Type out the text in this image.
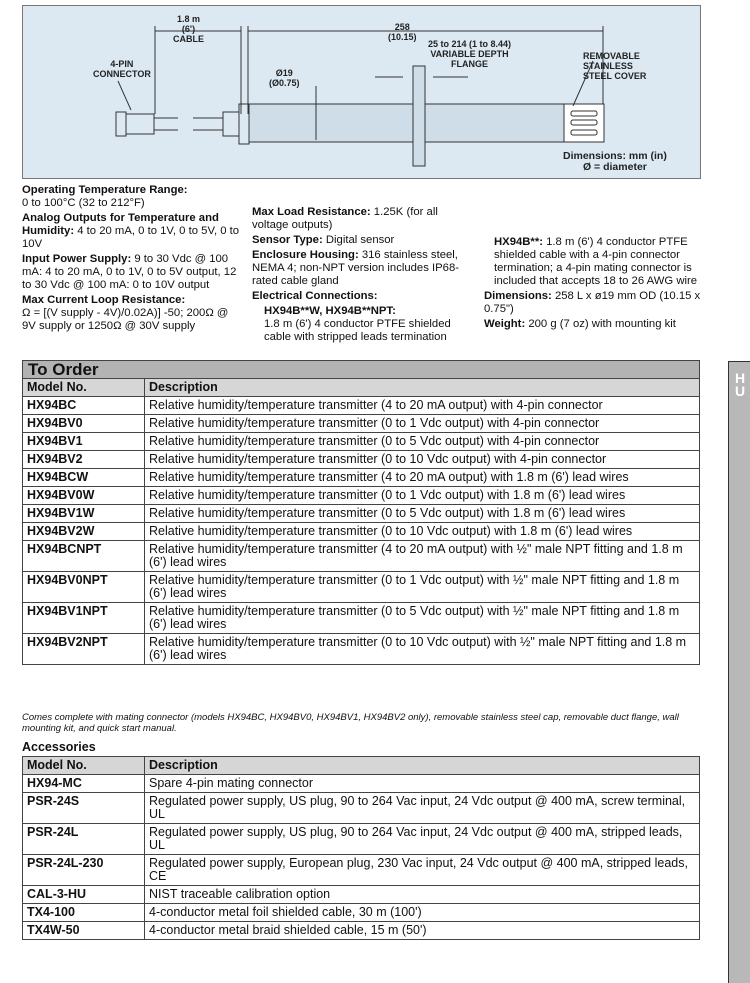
1.8 m
(6')
CABLE
258
(10.15)
25 to 214 (1 to 8.44)
VARIABLE DEPTH
FLANGE
4-PIN
CONNECTOR	Ø19
(Ø0.75)
REMOVABLE
STAINLESS
STEEL COVER
Dimensions: mm (in)
Ø = diameter

Operating Temperature Range:
0 to 100°C (32 to 212°F)

Analog Outputs for Temperature and Humidity: 4 to 20 mA, 0 to 1V, 0 to 5V, 0 to 10V

Input Power Supply: 9 to 30 Vdc @ 100 mA: 4 to 20 mA, 0 to 1V, 0 to 5V output, 12 to 30 Vdc @ 100 mA: 0 to 10V output

Max Current Loop Resistance:
Ω = [(V supply - 4V)/0.02A)] -50; 200Ω @ 9V supply or 1250Ω @ 30V supply

Max Load Resistance: 1.25K (for all voltage outputs)

Sensor Type: Digital sensor

Enclosure Housing: 316 stainless steel, NEMA 4; non-NPT version includes IP68-rated cable gland

Electrical Connections:

HX94B**W, HX94B**NPT:
1.8 m (6') 4 conductor PTFE shielded cable with stripped leads termination

HX94B**: 1.8 m (6') 4 conductor PTFE shielded cable with a 4-pin connector termination; a 4-pin mating connector is included that accepts 18 to 26 AWG wire

Dimensions: 258 L x ø19 mm OD (10.15 x 0.75")

Weight: 200 g (7 oz) with mounting kit

To Order	
Model No.	Description
HX94BC	Relative humidity/temperature transmitter (4 to 20 mA output) with 4-pin connector
HX94BV0	Relative humidity/temperature transmitter (0 to 1 Vdc output) with 4-pin connector
HX94BV1	Relative humidity/temperature transmitter (0 to 5 Vdc output) with 4-pin connector
HX94BV2	Relative humidity/temperature transmitter (0 to 10 Vdc output) with 4-pin connector
HX94BCW	Relative humidity/temperature transmitter (4 to 20 mA output) with 1.8 m (6') lead wires
HX94BV0W	Relative humidity/temperature transmitter (0 to 1 Vdc output) with 1.8 m (6') lead wires
HX94BV1W	Relative humidity/temperature transmitter (0 to 5 Vdc output) with 1.8 m (6') lead wires
HX94BV2W	Relative humidity/temperature transmitter (0 to 10 Vdc output) with 1.8 m (6') lead wires
HX94BCNPT	Relative humidity/temperature transmitter (4 to 20 mA output) with ½" male NPT fitting and 1.8 m (6') lead wires
HX94BV0NPT	Relative humidity/temperature transmitter (0 to 1 Vdc output) with ½" male NPT fitting and 1.8 m (6') lead wires
HX94BV1NPT	Relative humidity/temperature transmitter (0 to 5 Vdc output) with ½" male NPT fitting and 1.8 m (6') lead wires
HX94BV2NPT	Relative humidity/temperature transmitter (0 to 10 Vdc output) with ½" male NPT fitting and 1.8 m (6') lead wires
Comes complete with mating connector (models HX94BC, HX94BV0, HX94BV1, HX94BV2 only), removable stainless steel cap, removable duct flange, wall mounting kit, and quick start manual.
Accessories
Model No.	Description
HX94-MC	Spare 4-pin mating connector
PSR-24S	Regulated power supply, US plug, 90 to 264 Vac input, 24 Vdc output @ 400 mA, screw terminal, UL
PSR-24L	Regulated power supply, US plug, 90 to 264 Vac input, 24 Vdc output @ 400 mA, stripped leads, UL
PSR-24L-230	Regulated power supply, European plug, 230 Vac input, 24 Vdc output @ 400 mA, stripped leads, CE
CAL-3-HU	NIST traceable calibration option
TX4-100	4-conductor metal foil shielded cable, 30 m (100')
TX4W-50	4-conductor metal braid shielded cable, 15 m (50')
HU
